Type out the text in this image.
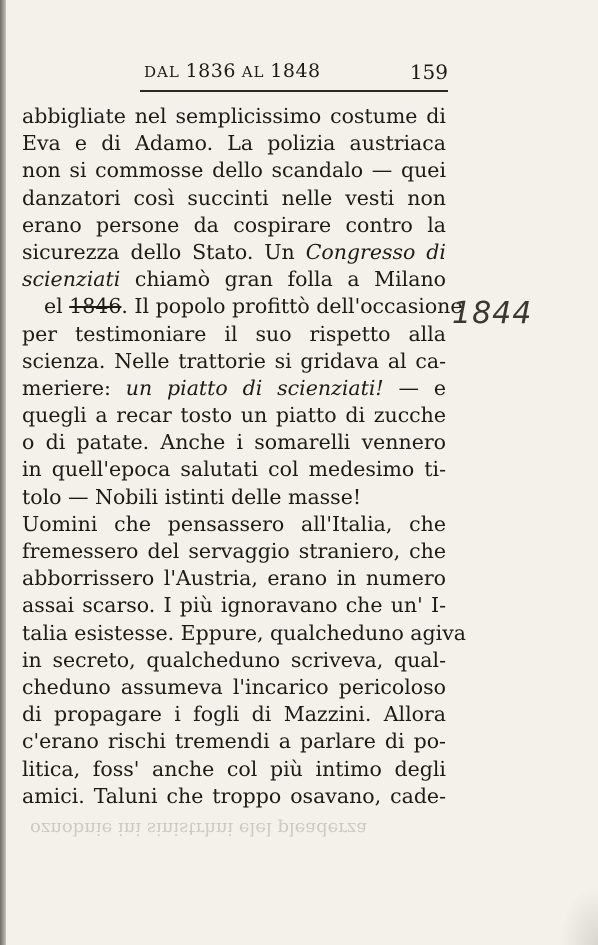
DAL 1836 AL 1848	159
abbigliate nel semplicissimo costume di
Eva e di Adamo. La polizia austriaca
non si commosse dello scandalo — quei
danzatori così succinti nelle vesti non
erano persone da cospirare contro la
sicurezza dello Stato. Un Congresso di
scienziati chiamò gran folla a Milano
el 1846. Il popolo profittò dell'occasione
per testimoniare il suo rispetto alla
scienza. Nelle trattorie si gridava al ca-
meriere: un piatto di scienziati! — e
quegli a recar tosto un piatto di zucche
o di patate. Anche i somarelli vennero
in quell'epoca salutati col medesimo ti-
tolo — Nobili istinti delle masse!
Uomini che pensassero all'Italia, che
fremessero del servaggio straniero, che
abborrissero l'Austria, erano in numero
assai scarso. I più ignoravano che un' I-
talia esistesse. Eppure, qualcheduno agiva
in secreto, qualcheduno scriveva, qual-
cheduno assumeva l'incarico pericoloso
di propagare i fogli di Mazzini. Allora
c'erano rischi tremendi a parlare di po-
litica, foss' anche col più intimo degli
amici. Taluni che troppo osavano, cade-
1844
oznobnie ini sinistrhni elel pleaderza
